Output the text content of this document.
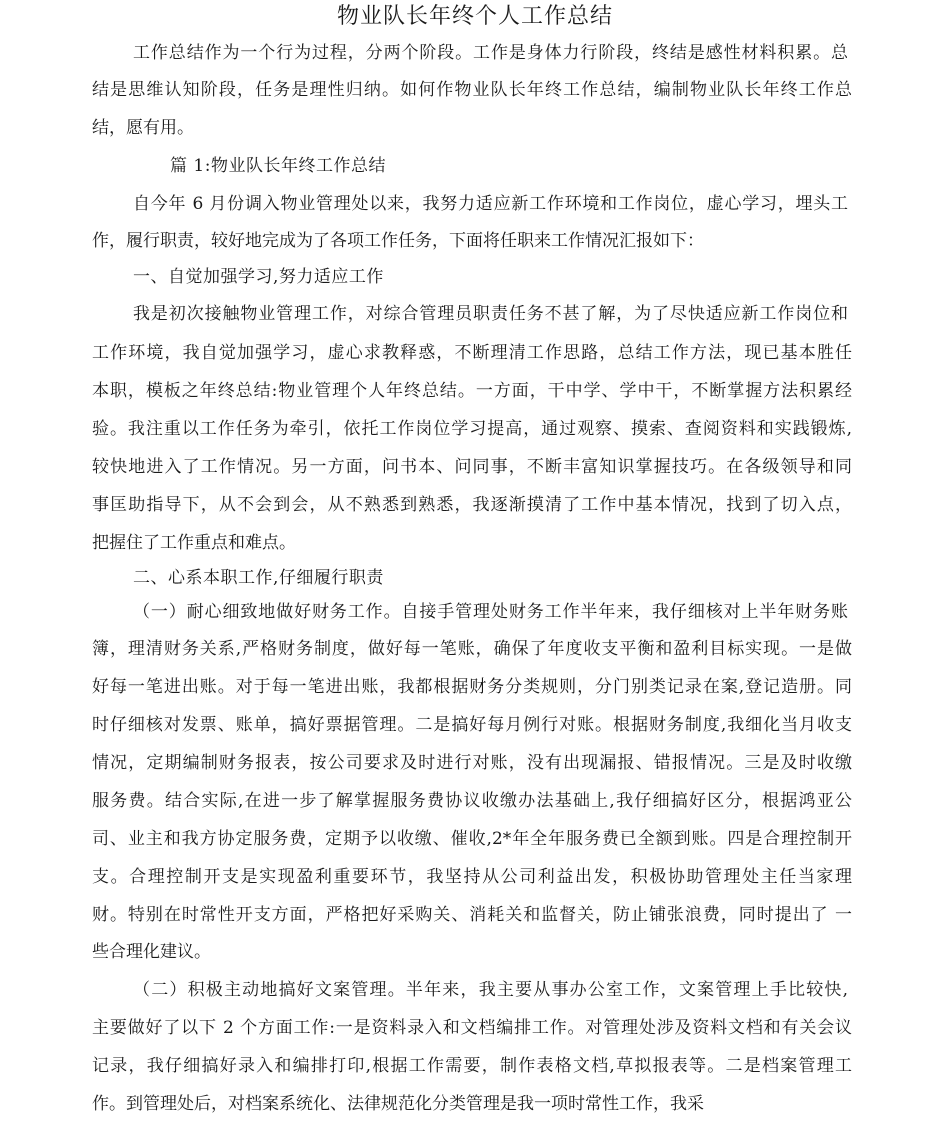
物业队长年终个人工作总结
工作总结作为一个行为过程，分两个阶段。工作是身体力行阶段，终结是感性材料积累。总
结是思维认知阶段，任务是理性归纳。如何作物业队长年终工作总结，编制物业队长年终工作总
结，愿有用。
篇 1:物业队长年终工作总结
自今年 6 月份调入物业管理处以来，我努力适应新工作环境和工作岗位，虚心学习，埋头工
作，履行职责，较好地完成为了各项工作任务，下面将任职来工作情况汇报如下：
一、自觉加强学习,努力适应工作
我是初次接触物业管理工作，对综合管理员职责任务不甚了解，为了尽快适应新工作岗位和
工作环境，我自觉加强学习，虚心求教释惑，不断理清工作思路，总结工作方法，现已基本胜任
本职，模板之年终总结:物业管理个人年终总结。一方面，干中学、学中干，不断掌握方法积累经
验。我注重以工作任务为牵引，依托工作岗位学习提高，通过观察、摸索、查阅资料和实践锻炼,
较快地进入了工作情况。另一方面，问书本、问同事，不断丰富知识掌握技巧。在各级领导和同
事匡助指导下，从不会到会，从不熟悉到熟悉，我逐渐摸清了工作中基本情况，找到了切入点，
把握住了工作重点和难点。
二、心系本职工作,仔细履行职责
（一）耐心细致地做好财务工作。自接手管理处财务工作半年来，我仔细核对上半年财务账
簿，理清财务关系,严格财务制度，做好每一笔账，确保了年度收支平衡和盈利目标实现。一是做
好每一笔进出账。对于每一笔进出账，我都根据财务分类规则，分门别类记录在案,登记造册。同
时仔细核对发票、账单，搞好票据管理。二是搞好每月例行对账。根据财务制度,我细化当月收支
情况，定期编制财务报表，按公司要求及时进行对账，没有出现漏报、错报情况。三是及时收缴
服务费。结合实际,在进一步了解掌握服务费协议收缴办法基础上,我仔细搞好区分，根据鸿亚公
司、业主和我方协定服务费，定期予以收缴、催收,2*年全年服务费已全额到账。四是合理控制开
支。合理控制开支是实现盈利重要环节，我坚持从公司利益出发，积极协助管理处主任当家理
财。特别在时常性开支方面，严格把好采购关、消耗关和监督关，防止铺张浪费，同时提出了 一
些合理化建议。
（二）积极主动地搞好文案管理。半年来，我主要从事办公室工作，文案管理上手比较快,
主要做好了以下 2 个方面工作:一是资料录入和文档编排工作。对管理处涉及资料文档和有关会议
记录，我仔细搞好录入和编排打印,根据工作需要，制作表格文档,草拟报表等。二是档案管理工
作。到管理处后，对档案系统化、法律规范化分类管理是我一项时常性工作，我采
